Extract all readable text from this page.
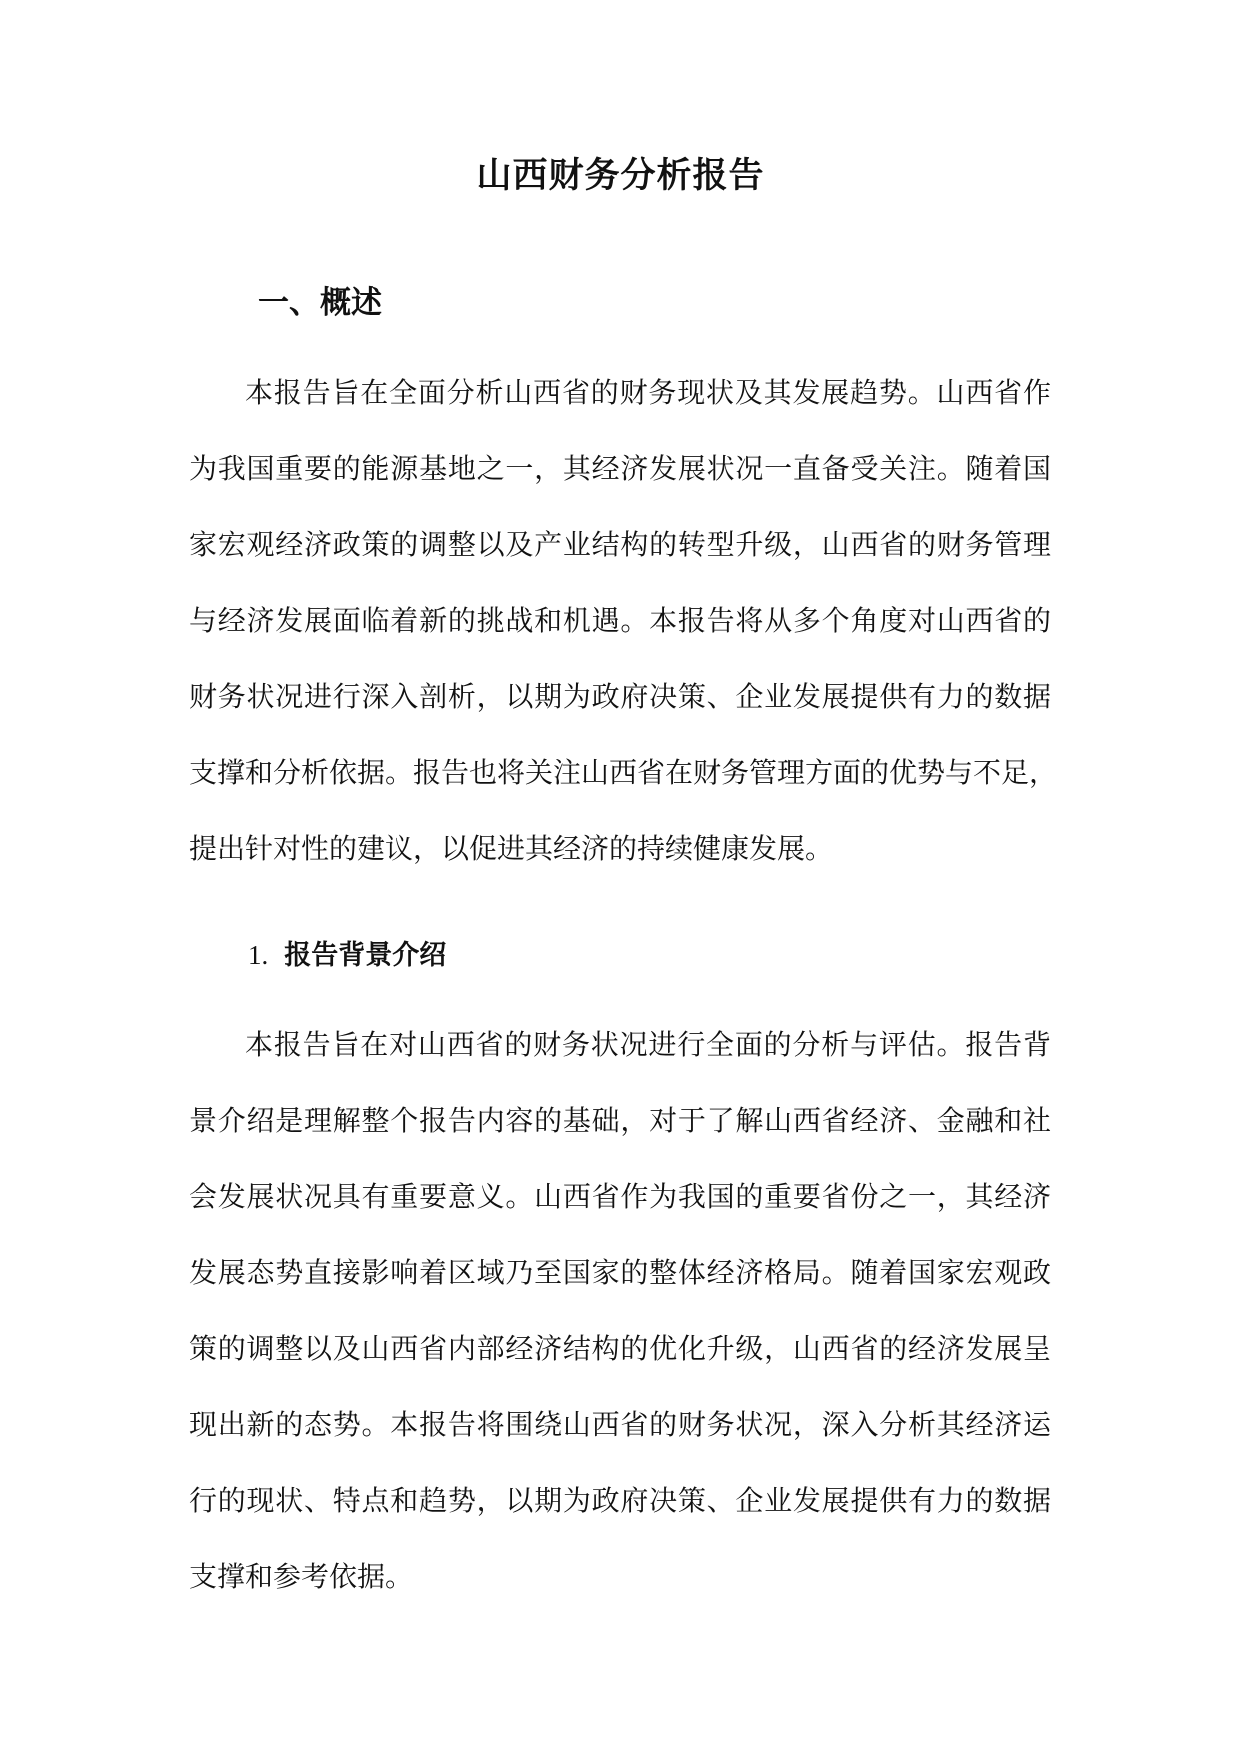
山西财务分析报告
一、概述
本报告旨在全面分析山西省的财务现状及其发展趋势。山西省作
为我国重要的能源基地之一，其经济发展状况一直备受关注。随着国
家宏观经济政策的调整以及产业结构的转型升级，山西省的财务管理
与经济发展面临着新的挑战和机遇。本报告将从多个角度对山西省的
财务状况进行深入剖析，以期为政府决策、企业发展提供有力的数据
支撑和分析依据。报告也将关注山西省在财务管理方面的优势与不足，
提出针对性的建议，以促进其经济的持续健康发展。
1. 报告背景介绍
本报告旨在对山西省的财务状况进行全面的分析与评估。报告背
景介绍是理解整个报告内容的基础，对于了解山西省经济、金融和社
会发展状况具有重要意义。山西省作为我国的重要省份之一，其经济
发展态势直接影响着区域乃至国家的整体经济格局。随着国家宏观政
策的调整以及山西省内部经济结构的优化升级，山西省的经济发展呈
现出新的态势。本报告将围绕山西省的财务状况，深入分析其经济运
行的现状、特点和趋势，以期为政府决策、企业发展提供有力的数据
支撑和参考依据。
